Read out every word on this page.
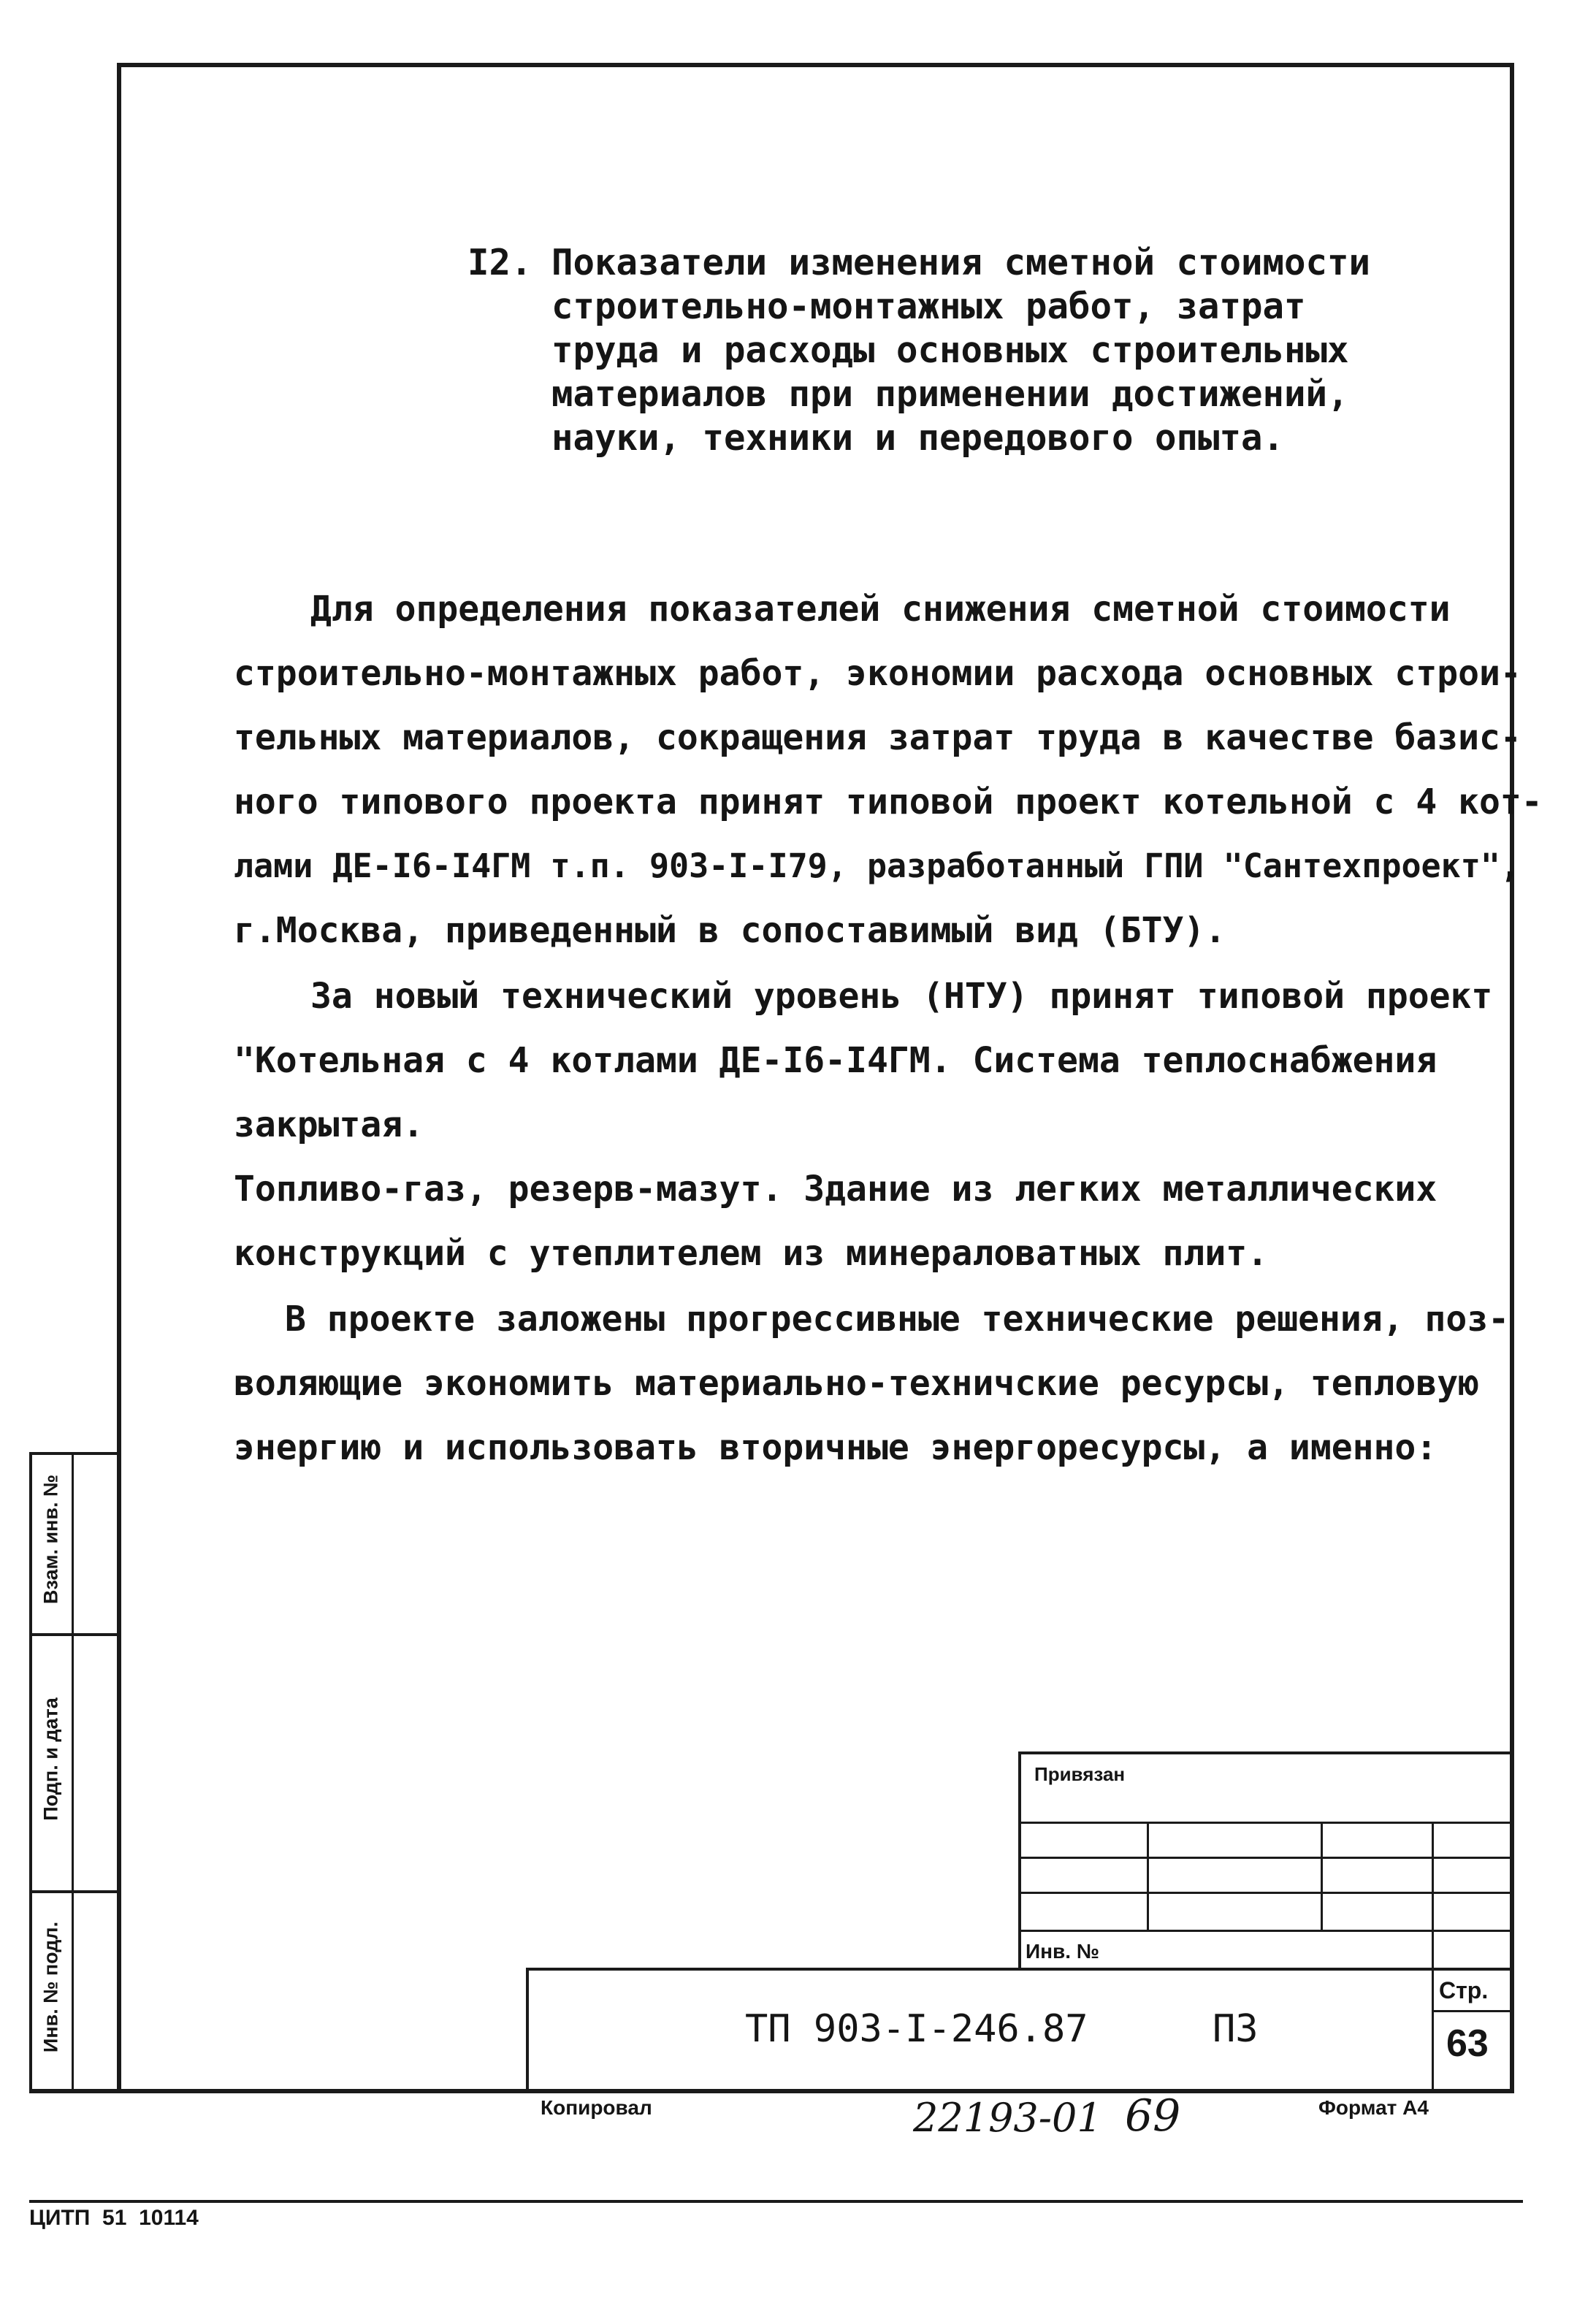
I2. Показатели изменения сметной стоимости
строительно-монтажных работ, затрат
труда и расходы основных строительных
материалов при применении достижений,
науки, техники и передового опыта.
Для определения показателей снижения сметной стоимости
строительно-монтажных работ, экономии расхода основных строи-
тельных материалов, сокращения затрат труда в качестве базис-
ного типового проекта принят типовой проект котельной с 4 кот-
лами ДЕ-I6-I4ГМ т.п. 903-I-I79, разработанный ГПИ "Сантехпроект",
г.Москва, приведенный в сопоставимый вид (БТУ).
За новый технический уровень (НТУ) принят типовой проект
"Котельная с 4 котлами ДЕ-I6-I4ГМ. Система теплоснабжения
закрытая.
Топливо-газ, резерв-мазут. Здание из легких металлических
конструкций с утеплителем из минераловатных плит.
В проекте заложены прогрессивные технические решения, поз-
воляющие экономить материально-техничские ресурсы, тепловую
энергию и использовать вторичные энергоресурсы, а именно:
Взам. инв. №
Подп. и дата
Инв. № подл.
Привязан
Инв. №
Стр.
ТП 903-I-246.87	ПЗ	63
Копировал	22193-01 69	Формат А4
ЦИТП  51  10114
